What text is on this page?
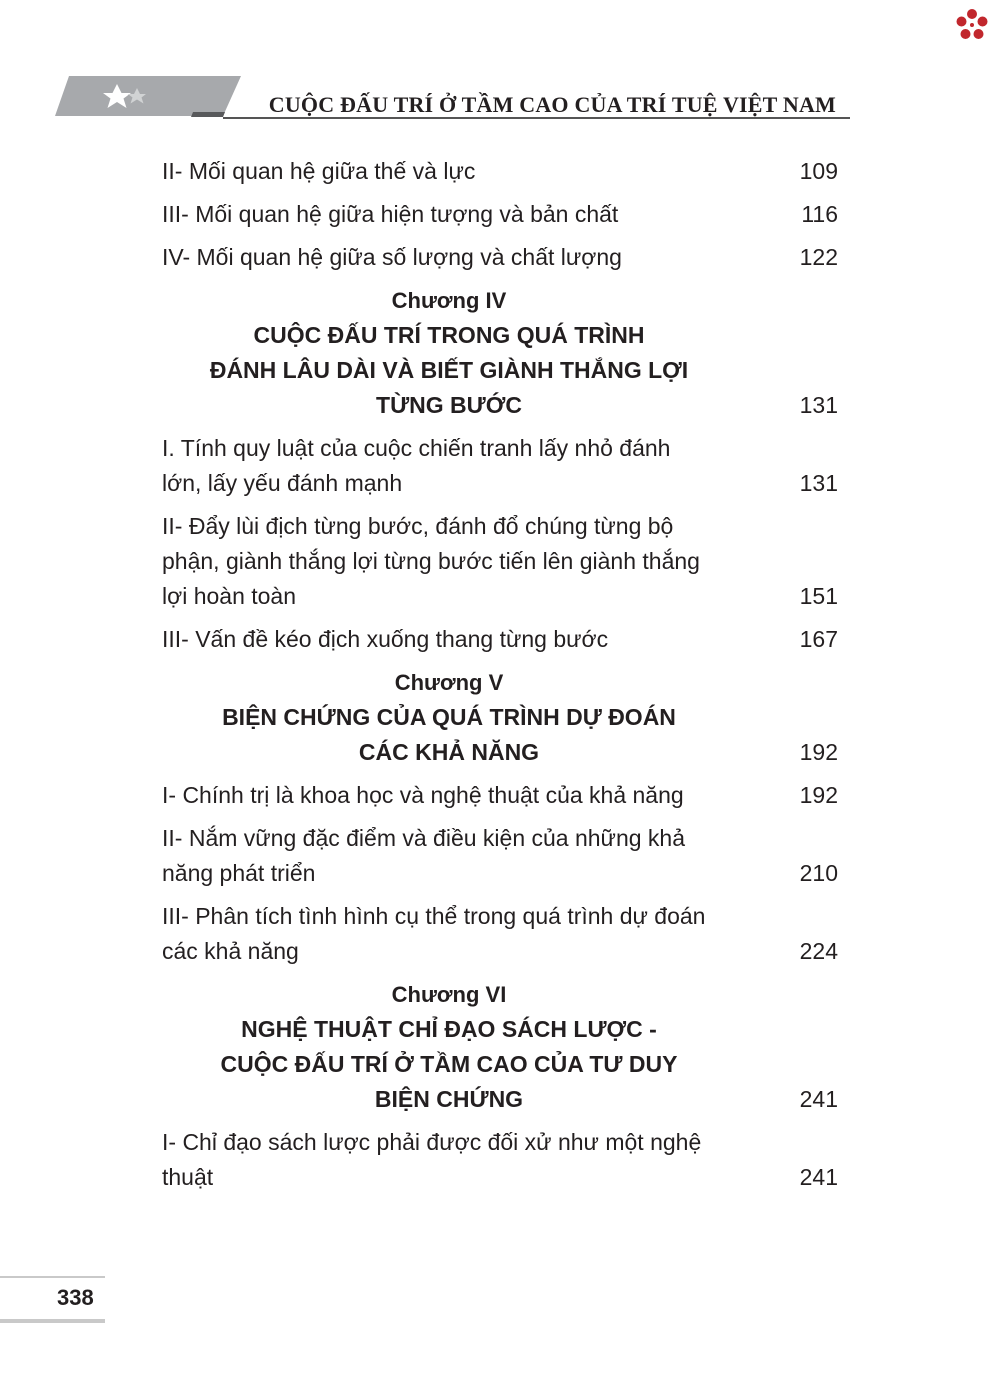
CUỘC ĐẤU TRÍ Ở TẦM CAO CỦA TRÍ TUỆ VIỆT NAM
II- Mối quan hệ giữa thế và lực	109
III- Mối quan hệ giữa hiện tượng và bản chất	116
IV- Mối quan hệ giữa số lượng và chất lượng	122
Chương IV
CUỘC ĐẤU TRÍ TRONG QUÁ TRÌNH
ĐÁNH LÂU DÀI VÀ BIẾT GIÀNH THẮNG LỢI
TỪNG BƯỚC	131
I. Tính quy luật của cuộc chiến tranh lấy nhỏ đánh
lớn, lấy yếu đánh mạnh	131
II- Đẩy lùi địch từng bước, đánh đổ chúng từng bộ
phận, giành thắng lợi từng bước tiến lên giành thắng
lợi hoàn toàn	151
III- Vấn đề kéo địch xuống thang từng bước	167
Chương V
BIỆN CHỨNG CỦA QUÁ TRÌNH DỰ ĐOÁN
CÁC KHẢ NĂNG	192
I- Chính trị là khoa học và nghệ thuật của khả năng	192
II- Nắm vững đặc điểm và điều kiện của những khả
năng phát triển	210
III- Phân tích tình hình cụ thể trong quá trình dự đoán
các khả năng	224
Chương VI
NGHỆ THUẬT CHỈ ĐẠO SÁCH LƯỢC -
CUỘC ĐẤU TRÍ Ở TẦM CAO CỦA TƯ DUY
BIỆN CHỨNG	241
I- Chỉ đạo sách lược phải được đối xử như một nghệ
thuật	241
338
